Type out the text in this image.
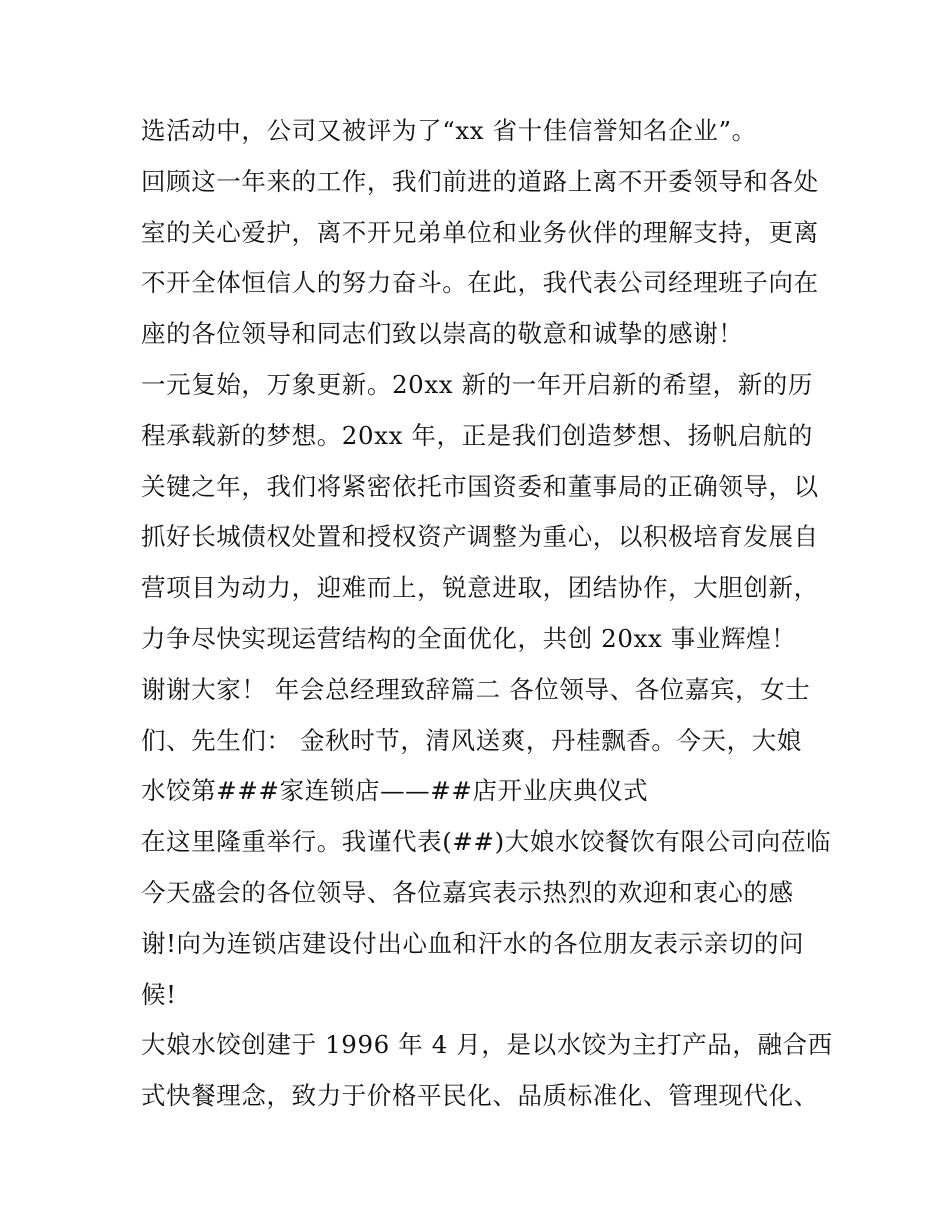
选活动中，公司又被评为了“xx 省十佳信誉知名企业”。
回顾这一年来的工作，我们前进的道路上离不开委领导和各处
室的关心爱护，离不开兄弟单位和业务伙伴的理解支持，更离
不开全体恒信人的努力奋斗。在此，我代表公司经理班子向在
座的各位领导和同志们致以崇高的敬意和诚挚的感谢！
一元复始，万象更新。20xx 新的一年开启新的希望，新的历
程承载新的梦想。20xx 年，正是我们创造梦想、扬帆启航的
关键之年，我们将紧密依托市国资委和董事局的正确领导，以
抓好长城债权处置和授权资产调整为重心，以积极培育发展自
营项目为动力，迎难而上，锐意进取，团结协作，大胆创新，
力争尽快实现运营结构的全面优化，共创 20xx 事业辉煌！
谢谢大家！ 年会总经理致辞篇二 各位领导、各位嘉宾，女士
们、先生们： 金秋时节，清风送爽，丹桂飘香。今天，大娘
水饺第###家连锁店——##店开业庆典仪式
在这里隆重举行。我谨代表(##)大娘水饺餐饮有限公司向莅临
今天盛会的各位领导、各位嘉宾表示热烈的欢迎和衷心的感
谢!向为连锁店建设付出心血和汗水的各位朋友表示亲切的问
候!
大娘水饺创建于 1996 年 4 月，是以水饺为主打产品，融合西
式快餐理念，致力于价格平民化、品质标准化、管理现代化、
